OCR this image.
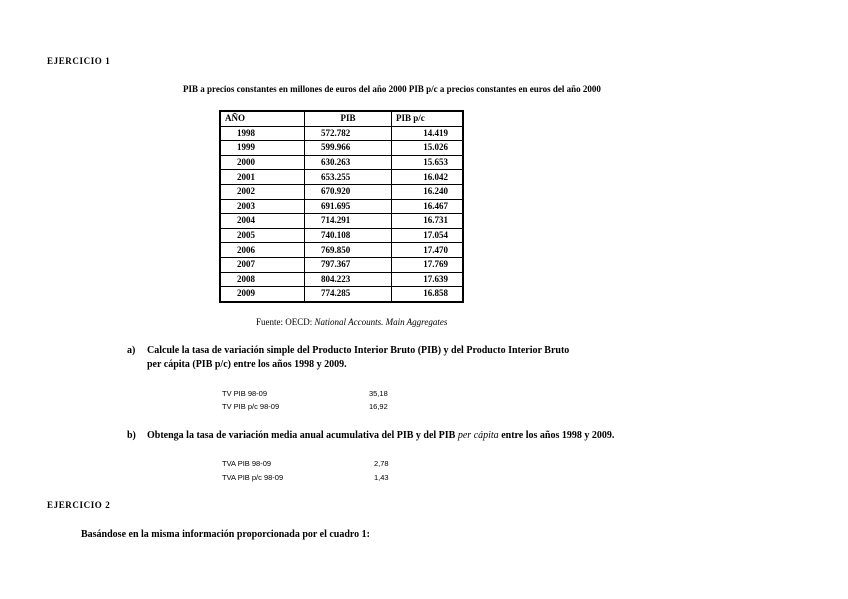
EJERCICIO 1
PIB a precios constantes en millones de euros del año 2000 PIB p/c a precios constantes en euros del año 2000
AÑO	PIB	PIB p/c
1998	572.782	14.419
1999	599.966	15.026
2000	630.263	15.653
2001	653.255	16.042
2002	670.920	16.240
2003	691.695	16.467
2004	714.291	16.731
2005	740.108	17.054
2006	769.850	17.470
2007	797.367	17.769
2008	804.223	17.639
2009	774.285	16.858
Fuente: OECD: National Accounts. Main Aggregates
a) Calcule la tasa de variación simple del Producto Interior Bruto (PIB) y del Producto Interior Bruto
per cápita (PIB p/c) entre los años 1998 y 2009.
TV PIB 98-09	35,18
TV PIB p/c 98-09	16,92
b) Obtenga la tasa de variación media anual acumulativa del PIB y del PIB per cápita entre los años 1998 y 2009.
TVA PIB 98-09	2,78
TVA PIB p/c 98-09	1,43
EJERCICIO 2
Basándose en la misma información proporcionada por el cuadro 1:
